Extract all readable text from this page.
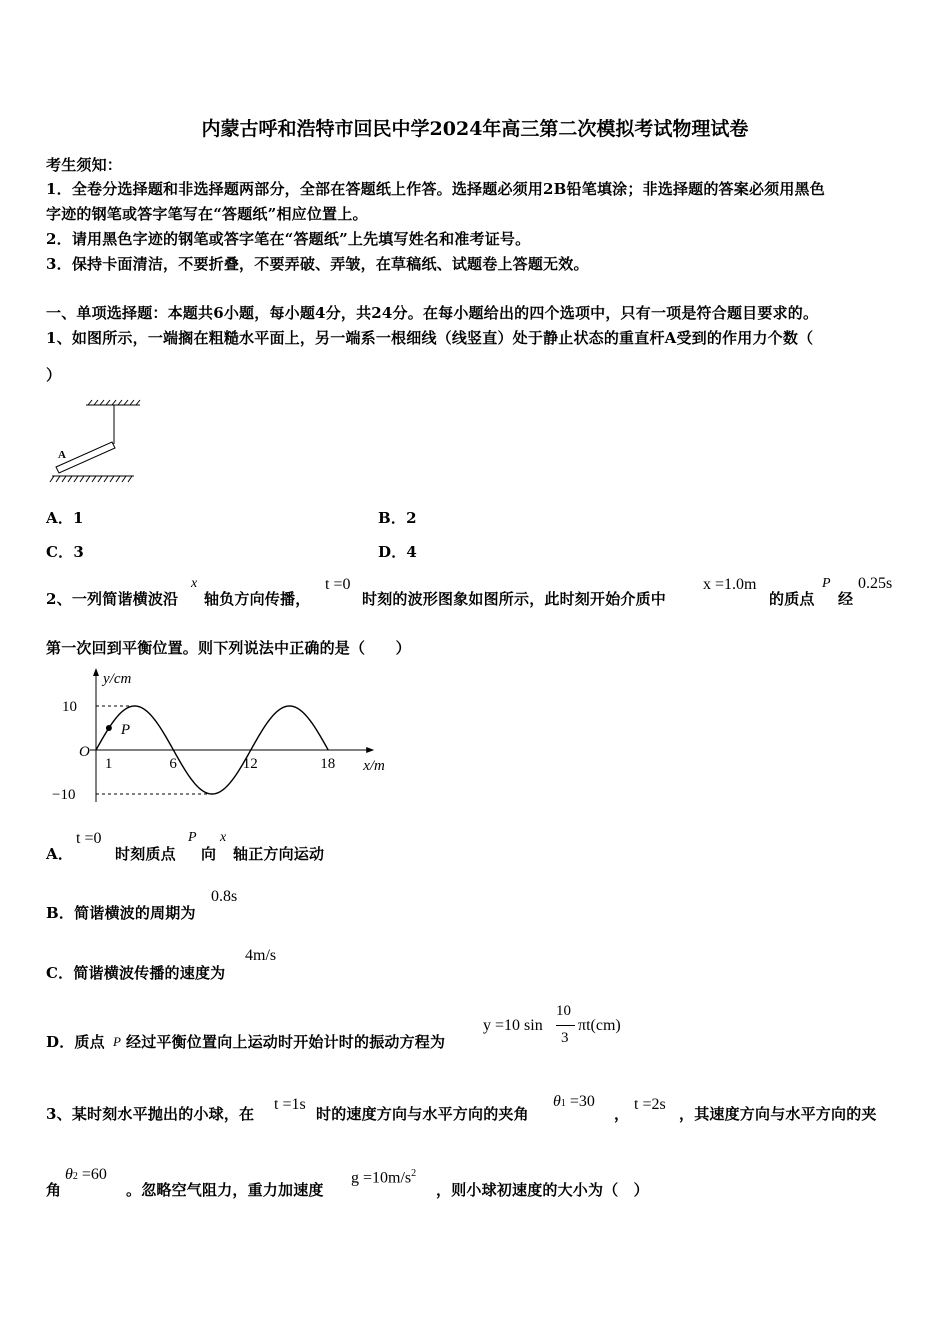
内蒙古呼和浩特市回民中学2024年高三第二次模拟考试物理试卷
考生须知：
1．全卷分选择题和非选择题两部分，全部在答题纸上作答。选择题必须用2B铅笔填涂；非选择题的答案必须用黑色
字迹的钢笔或答字笔写在“答题纸”相应位置上。
2．请用黑色字迹的钢笔或答字笔在“答题纸”上先填写姓名和准考证号。
3．保持卡面清洁，不要折叠，不要弄破、弄皱，在草稿纸、试题卷上答题无效。
一、单项选择题：本题共6小题，每小题4分，共24分。在每小题给出的四个选项中，只有一项是符合题目要求的。
1、如图所示，一端搁在粗糙水平面上，另一端系一根细线（线竖直）处于静止状态的重直杆A受到的作用力个数（
）
A
A．1	B．2
C．3	D．4
2、一列简谐横波沿
x
轴负方向传播，
t =0
时刻的波形图象如图所示，此时刻开始介质中
x =1.0m
的质点
P
经
0.25s
第一次回到平衡位置。则下列说法中正确的是（　　）
y/cm
x/m
O
10
−10
1	6	12	18
P
A．
t =0
时刻质点
P
向
x
轴正方向运动
B．简谐横波的周期为
0.8s
C．简谐横波传播的速度为
4m/s
D．质点 P 经过平衡位置向上运动时开始计时的振动方程为
y =10 sin
10
3
πt(cm)
3、某时刻水平抛出的小球，在
t =1s
时的速度方向与水平方向的夹角
θ1 =30
，
t =2s
，其速度方向与水平方向的夹
角
θ2 =60
。忽略空气阻力，重力加速度
$g =10m/s^2$
，则小球初速度的大小为（　）
